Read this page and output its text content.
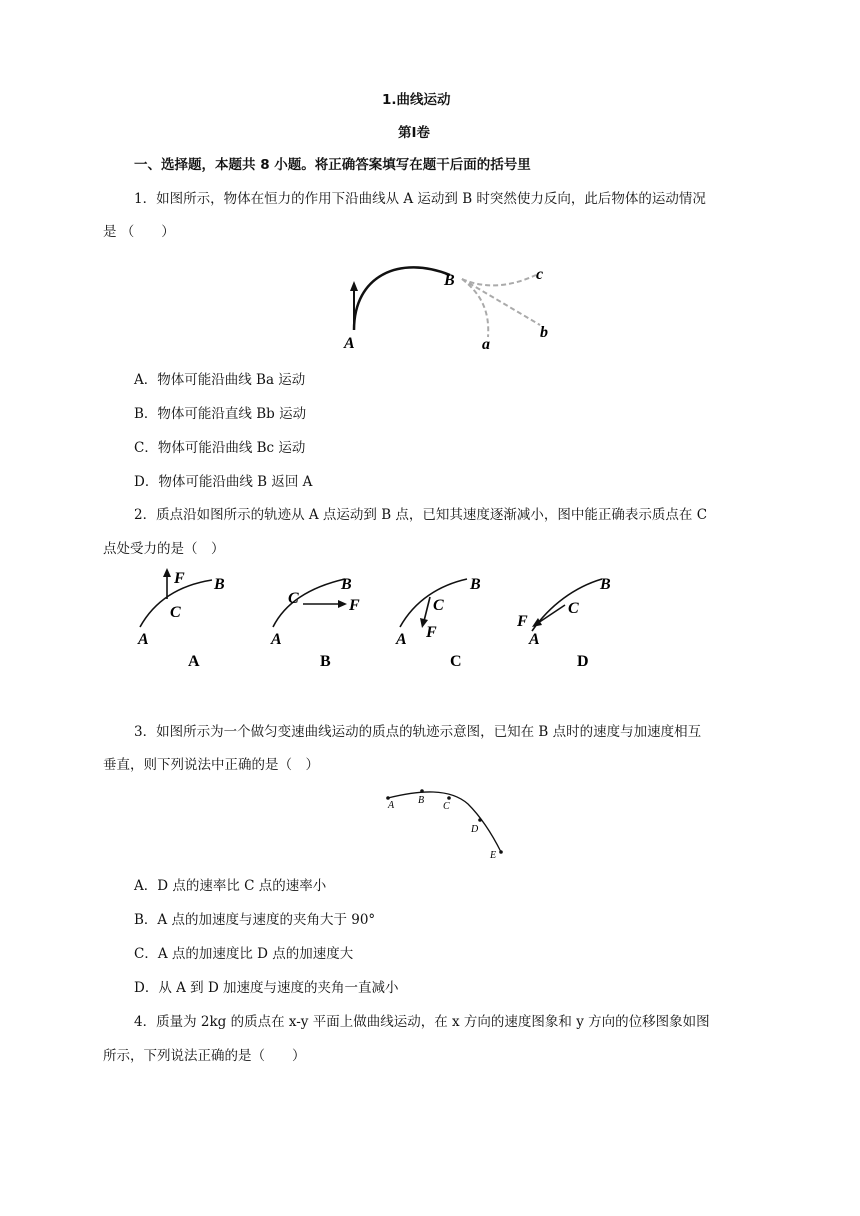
1.曲线运动
第Ⅰ卷
一、选择题，本题共 8 小题。将正确答案填写在题干后面的括号里
1．如图所示，物体在恒力的作用下沿曲线从 A 运动到 B 时突然使力反向，此后物体的运动情况
是 （　　）
A
B
a
b
c
A．物体可能沿曲线 Ba 运动
B．物体可能沿直线 Bb 运动
C．物体可能沿曲线 Bc 运动
D．物体可能沿曲线 B 返回 A
2．质点沿如图所示的轨迹从 A 点运动到 B 点，已知其速度逐渐减小，图中能正确表示质点在 C
点处受力的是（　）
F B
C
A
A
C
B
F
A
B
C
B
F
A
C
C
B
F
A
D
3．如图所示为一个做匀变速曲线运动的质点的轨迹示意图，已知在 B 点时的速度与加速度相互
垂直，则下列说法中正确的是（　）
A B
C
D
E
A．D 点的速率比 C 点的速率小
B．A 点的加速度与速度的夹角大于 90°
C．A 点的加速度比 D 点的加速度大
D．从 A 到 D 加速度与速度的夹角一直减小
4．质量为 2kg 的质点在 x-y 平面上做曲线运动，在 x 方向的速度图象和 y 方向的位移图象如图
所示，下列说法正确的是（　　）
